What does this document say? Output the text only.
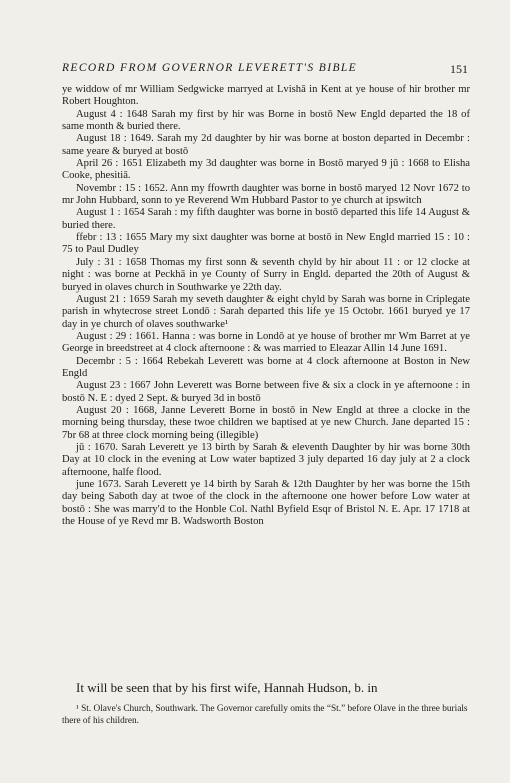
RECORD FROM GOVERNOR LEVERETT'S BIBLE	151

ye widdow of mr William Sedgwicke marryed at Lvishā in Kent at ye house of hir brother mr Robert Houghton.

August 4 : 1648 Sarah my first by hir was Borne in bostō New Engld departed the 18 of same month & buried there.

August 18 : 1649. Sarah my 2d daughter by hir was borne at boston departed in Decembr : same yeare & buryed at bostō

April 26 : 1651 Elizabeth my 3d daughter was borne in Bostō maryed 9 jū : 1668 to Elisha Cooke, phesitiā.

Novembr : 15 : 1652. Ann my ffowrth daughter was borne in bostō maryed 12 Novr 1672 to mr John Hubbard, sonn to ye Reverend Wm Hubbard Pastor to ye church at ipswitch

August 1 : 1654 Sarah : my fifth daughter was borne in bostō departed this life 14 August & buried there.

ffebr : 13 : 1655 Mary my sixt daughter was borne at bostō in New Engld married 15 : 10 : 75 to Paul Dudley

July : 31 : 1658 Thomas my first sonn & seventh chyld by hir about 11 : or 12 clocke at night : was borne at Peckhā in ye County of Surry in Engld. departed the 20th of August & buryed in olaves church in Southwarke ye 22th day.

August 21 : 1659 Sarah my seveth daughter & eight chyld by Sarah was borne in Criplegate parish in whytecrose street Londō : Sarah departed this life ye 15 Octobr. 1661 buryed ye 17 day in ye church of olaves southwarke¹

August : 29 : 1661. Hanna : was borne in Londō at ye house of brother mr Wm Barret at ye George in breedstreet at 4 clock afternoone : & was married to Eleazar Allin 14 June 1691.

Decembr : 5 : 1664 Rebekah Leverett was borne at 4 clock afternoone at Boston in New Engld

August 23 : 1667 John Leverett was Borne between five & six a clock in ye afternoone : in bostō N. E : dyed 2 Sept. & buryed 3d in bostō

August 20 : 1668, Janne Leverett Borne in bostō in New Engld at three a clocke in the morning being thursday, these twoe children we baptised at ye new Church. Jane departed 15 : 7br 68 at three clock morning being (illegible)

jū : 1670. Sarah Leverett ye 13 birth by Sarah & eleventh Daughter by hir was borne 30th Day at 10 clock in the evening at Low water baptized 3 july departed 16 day july at 2 a clock afternoone, halfe flood.

june 1673. Sarah Leverett ye 14 birth by Sarah & 12th Daughter by her was borne the 15th day being Saboth day at twoe of the clock in the afternoone one hower before Low water at bostō : She was marry'd to the Honble Col. Nathl Byfield Esqr of Bristol N. E. Apr. 17 1718 at the House of ye Revd mr B. Wadsworth Boston

It will be seen that by his first wife, Hannah Hudson, b. in
¹ St. Olave's Church, Southwark. The Governor carefully omits the “St.” before Olave in the three burials there of his children.
